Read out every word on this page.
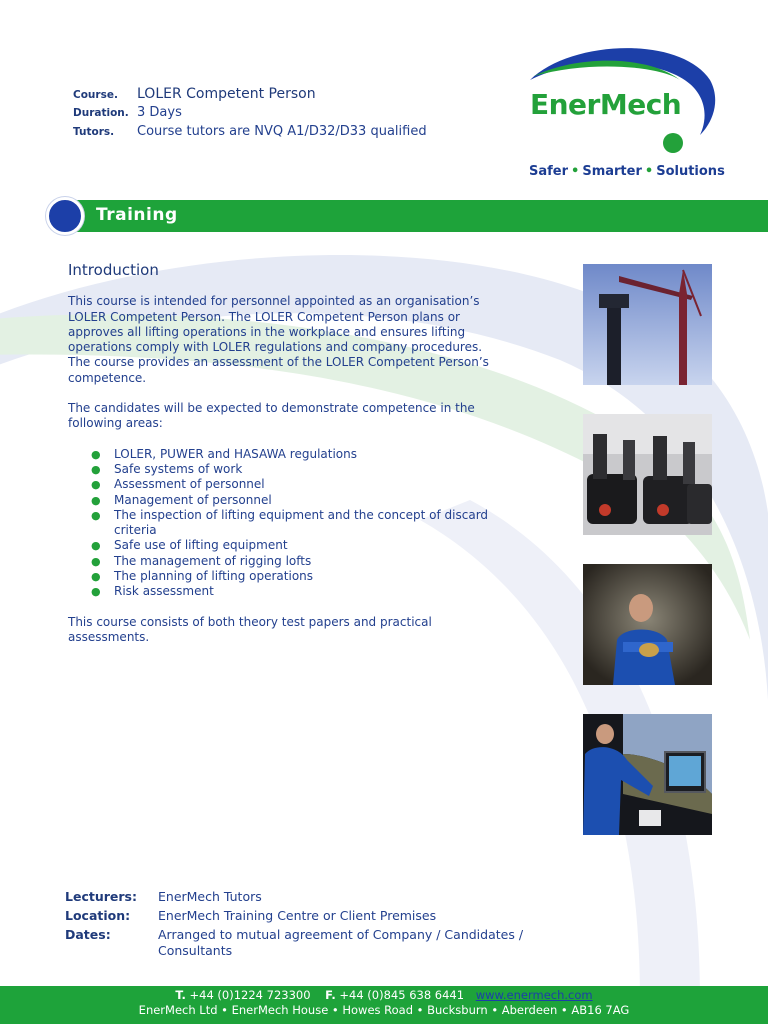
Course.	LOLER Competent Person
Duration. 3 Days
Tutors.	Course tutors are NVQ A1/D32/D33 qualified
EnerMech
Safer • Smarter • Solutions
Training
Introduction

This course is intended for personnel appointed as an organisation’s LOLER Competent Person. The LOLER Competent Person plans or approves all lifting operations in the workplace and ensures lifting operations comply with LOLER regulations and company procedures. The course provides an assessment of the LOLER Competent Person’s competence.

The candidates will be expected to demonstrate competence in the following areas:

● LOLER, PUWER and HASAWA regulations
● Safe systems of work
● Assessment of personnel
● Management of personnel
● The inspection of lifting equipment and the concept of discard criteria
● Safe use of lifting equipment
● The management of rigging lofts
● The planning of lifting operations
● Risk assessment

This course consists of both theory test papers and practical assessments.

Lecturers:	EnerMech Tutors
Location:	EnerMech Training Centre or Client Premises
Dates:	Arranged to mutual agreement of Company / Candidates / Consultants
T. +44 (0)1224 723300 F. +44 (0)845 638 6441 www.enermech.com
EnerMech Ltd • EnerMech House • Howes Road • Bucksburn • Aberdeen • AB16 7AG
